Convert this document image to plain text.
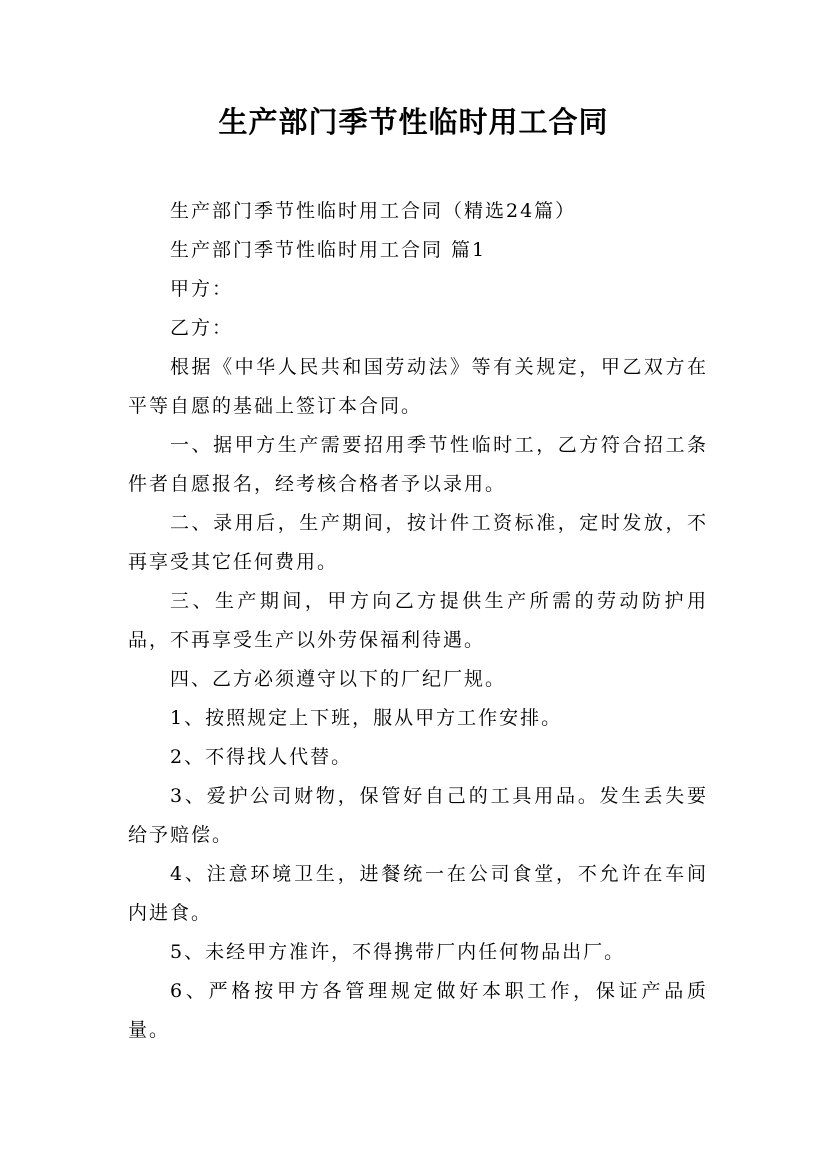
生产部门季节性临时用工合同

生产部门季节性临时用工合同（精选24篇）

生产部门季节性临时用工合同 篇1

甲方：

乙方：

根据《中华人民共和国劳动法》等有关规定，甲乙双方在平等自愿的基础上签订本合同。

一、据甲方生产需要招用季节性临时工，乙方符合招工条件者自愿报名，经考核合格者予以录用。

二、录用后，生产期间，按计件工资标准，定时发放，不再享受其它任何费用。

三、生产期间，甲方向乙方提供生产所需的劳动防护用品，不再享受生产以外劳保福利待遇。

四、乙方必须遵守以下的厂纪厂规。

1、按照规定上下班，服从甲方工作安排。

2、不得找人代替。

3、爱护公司财物，保管好自己的工具用品。发生丢失要给予赔偿。

4、注意环境卫生，进餐统一在公司食堂，不允许在车间内进食。

5、未经甲方准许，不得携带厂内任何物品出厂。

6、严格按甲方各管理规定做好本职工作，保证产品质量。
